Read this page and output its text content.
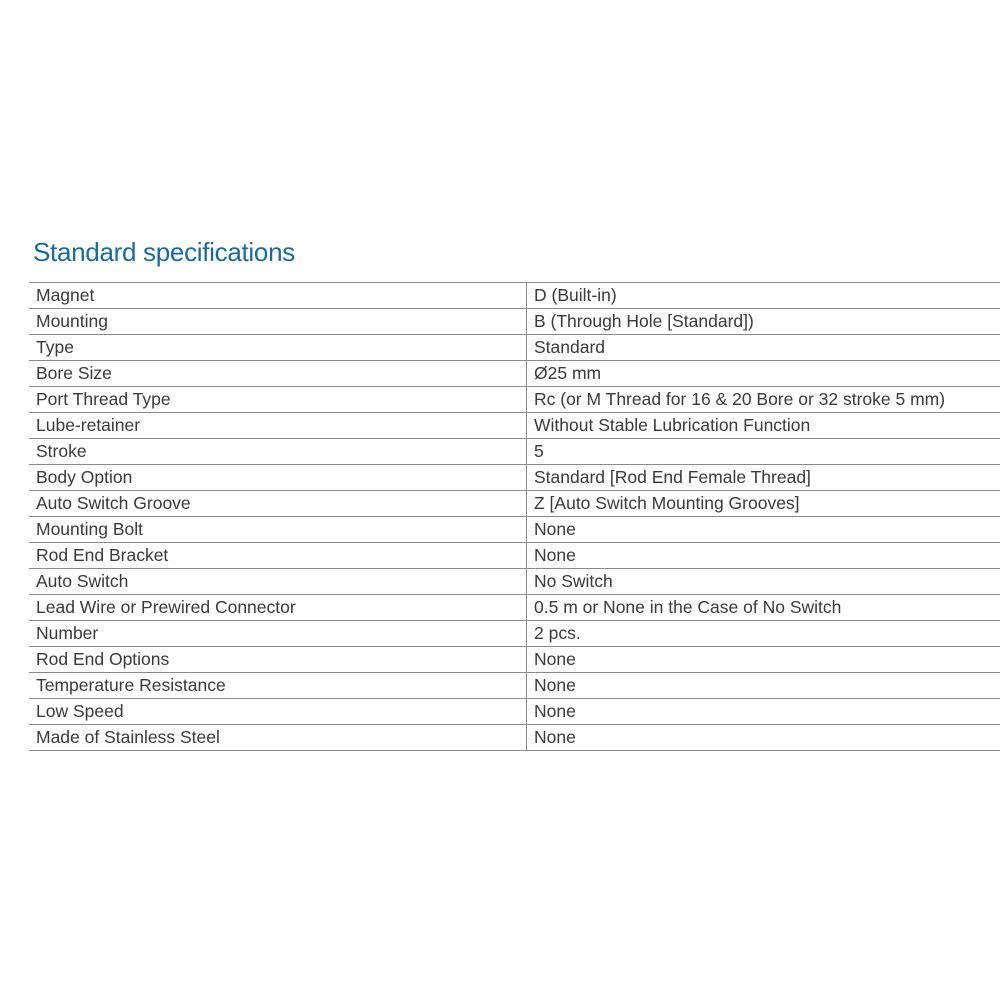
Standard specifications
Magnet	D (Built-in)
Mounting	B (Through Hole [Standard])
Type	Standard
Bore Size	Ø25 mm
Port Thread Type	Rc (or M Thread for 16 & 20 Bore or 32 stroke 5 mm)
Lube-retainer	Without Stable Lubrication Function
Stroke	5
Body Option	Standard [Rod End Female Thread]
Auto Switch Groove	Z [Auto Switch Mounting Grooves]
Mounting Bolt	None
Rod End Bracket	None
Auto Switch	No Switch
Lead Wire or Prewired Connector	0.5 m or None in the Case of No Switch
Number	2 pcs.
Rod End Options	None
Temperature Resistance	None
Low Speed	None
Made of Stainless Steel	None
